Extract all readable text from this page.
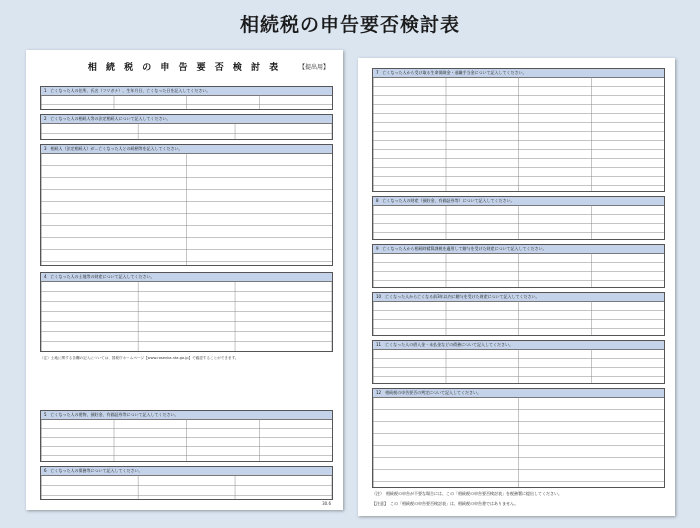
相続税の申告要否検討表
相 続 税 の 申 告 要 否 検 討 表	【提出用】
1　亡くなった人の住所、氏名（フリガナ）、生年月日、亡くなった日を記入してください。
2　亡くなった人の相続人等の法定相続人について記入してください。
3　相続人（法定相続人）が…亡くなった人との続柄等を記入してください。
4　亡くなった人の土地等の財産について記入してください。
（注）土地に関する各欄の記入については、国税庁ホームページ【www.rosenka.nta.go.jp】で確認することができます。
5　亡くなった人の建物、預貯金、有価証券等について記入してください。
6　亡くなった人の債務等について記入してください。
30.6
7　亡くなった人から受け取る生命保険金・退職手当金について記入してください。
8　亡くなった人の財産（預貯金、有価証券等）について記入してください。
9　亡くなった人から相続時精算課税を適用して贈与を受けた財産について記入してください。
10　亡くなった人から亡くなる前3年以内に贈与を受けた財産について記入してください。
11　亡くなった人の借入金・未払金などの債務について記入してください。
12　相続税の申告要否の判定について記入してください。
（注）　相続税の申告が不要な場合には、この「相続税の申告要否検討表」を税務署に提出してください。
【注意】　この「相続税の申告要否検討表」は、相続税の申告書ではありません。
